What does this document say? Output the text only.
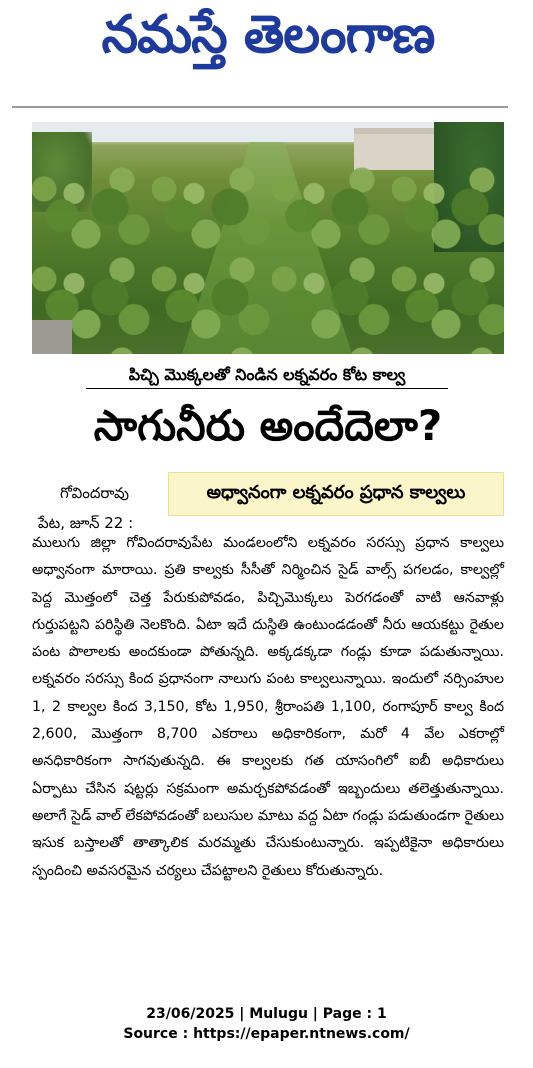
నమస్తే తెలంగాణ
పిచ్చి మొక్కలతో నిండిన లక్నవరం కోట కాల్వ
సాగునీరు అందేదెలా?
గోవిందరావు
పేట, జూన్‌ 22 :
అధ్వానంగా లక్నవరం ప్రధాన కాల్వలు

ములుగు జిల్లా గోవిందరావుపేట మండలంలోని లక్నవరం సరస్సు ప్రధాన కాల్వలు అధ్వానంగా మారాయి. ప్రతి కాల్వకు సీసీతో నిర్మించిన సైడ్‌ వాల్స్‌ పగలడం, కాల్వల్లో పెద్ద మొత్తంలో చెత్త పేరుకుపోవడం, పిచ్చిమొక్కలు పెరగడంతో వాటి ఆనవాళ్లు గుర్తుపట్టని పరిస్థితి నెలకొంది. ఏటా ఇదే దుస్థితి ఉంటుండడంతో నీరు ఆయకట్టు రైతుల పంట పొలాలకు అందకుండా పోతున్నది. అక్కడక్కడా గండ్లు కూడా పడుతున్నాయి. లక్నవరం సరస్సు కింద ప్రధానంగా నాలుగు పంట కాల్వలున్నాయి. ఇందులో నర్సింహుల 1, 2 కాల్వల కింద 3,150, కోట 1,950, శ్రీరాంపతి 1,100, రంగాపూర్‌ కాల్వ కింద 2,600, మొత్తంగా 8,700 ఎకరాలు అధికారికంగా, మరో 4 వేల ఎకరాల్లో అనధికారికంగా సాగవుతున్నది. ఈ కాల్వలకు గత యాసంగిలో ఐబీ అధికారులు ఏర్పాటు చేసిన షట్టర్లు సక్రమంగా అమర్చకపోవడంతో ఇబ్బందులు తలెత్తుతున్నాయి. అలాగే సైడ్‌ వాల్‌ లేకపోవడంతో బలుసుల మాటు వద్ద ఏటా గండ్లు పడుతుండగా రైతులు ఇసుక బస్తాలతో తాత్కాలిక మరమ్మతు చేసుకుంటున్నారు. ఇప్పటికైనా అధికారులు స్పందించి అవసరమైన చర్యలు చేపట్టాలని రైతులు కోరుతున్నారు.

23/06/2025 | Mulugu | Page : 1
Source : https://epaper.ntnews.com/
